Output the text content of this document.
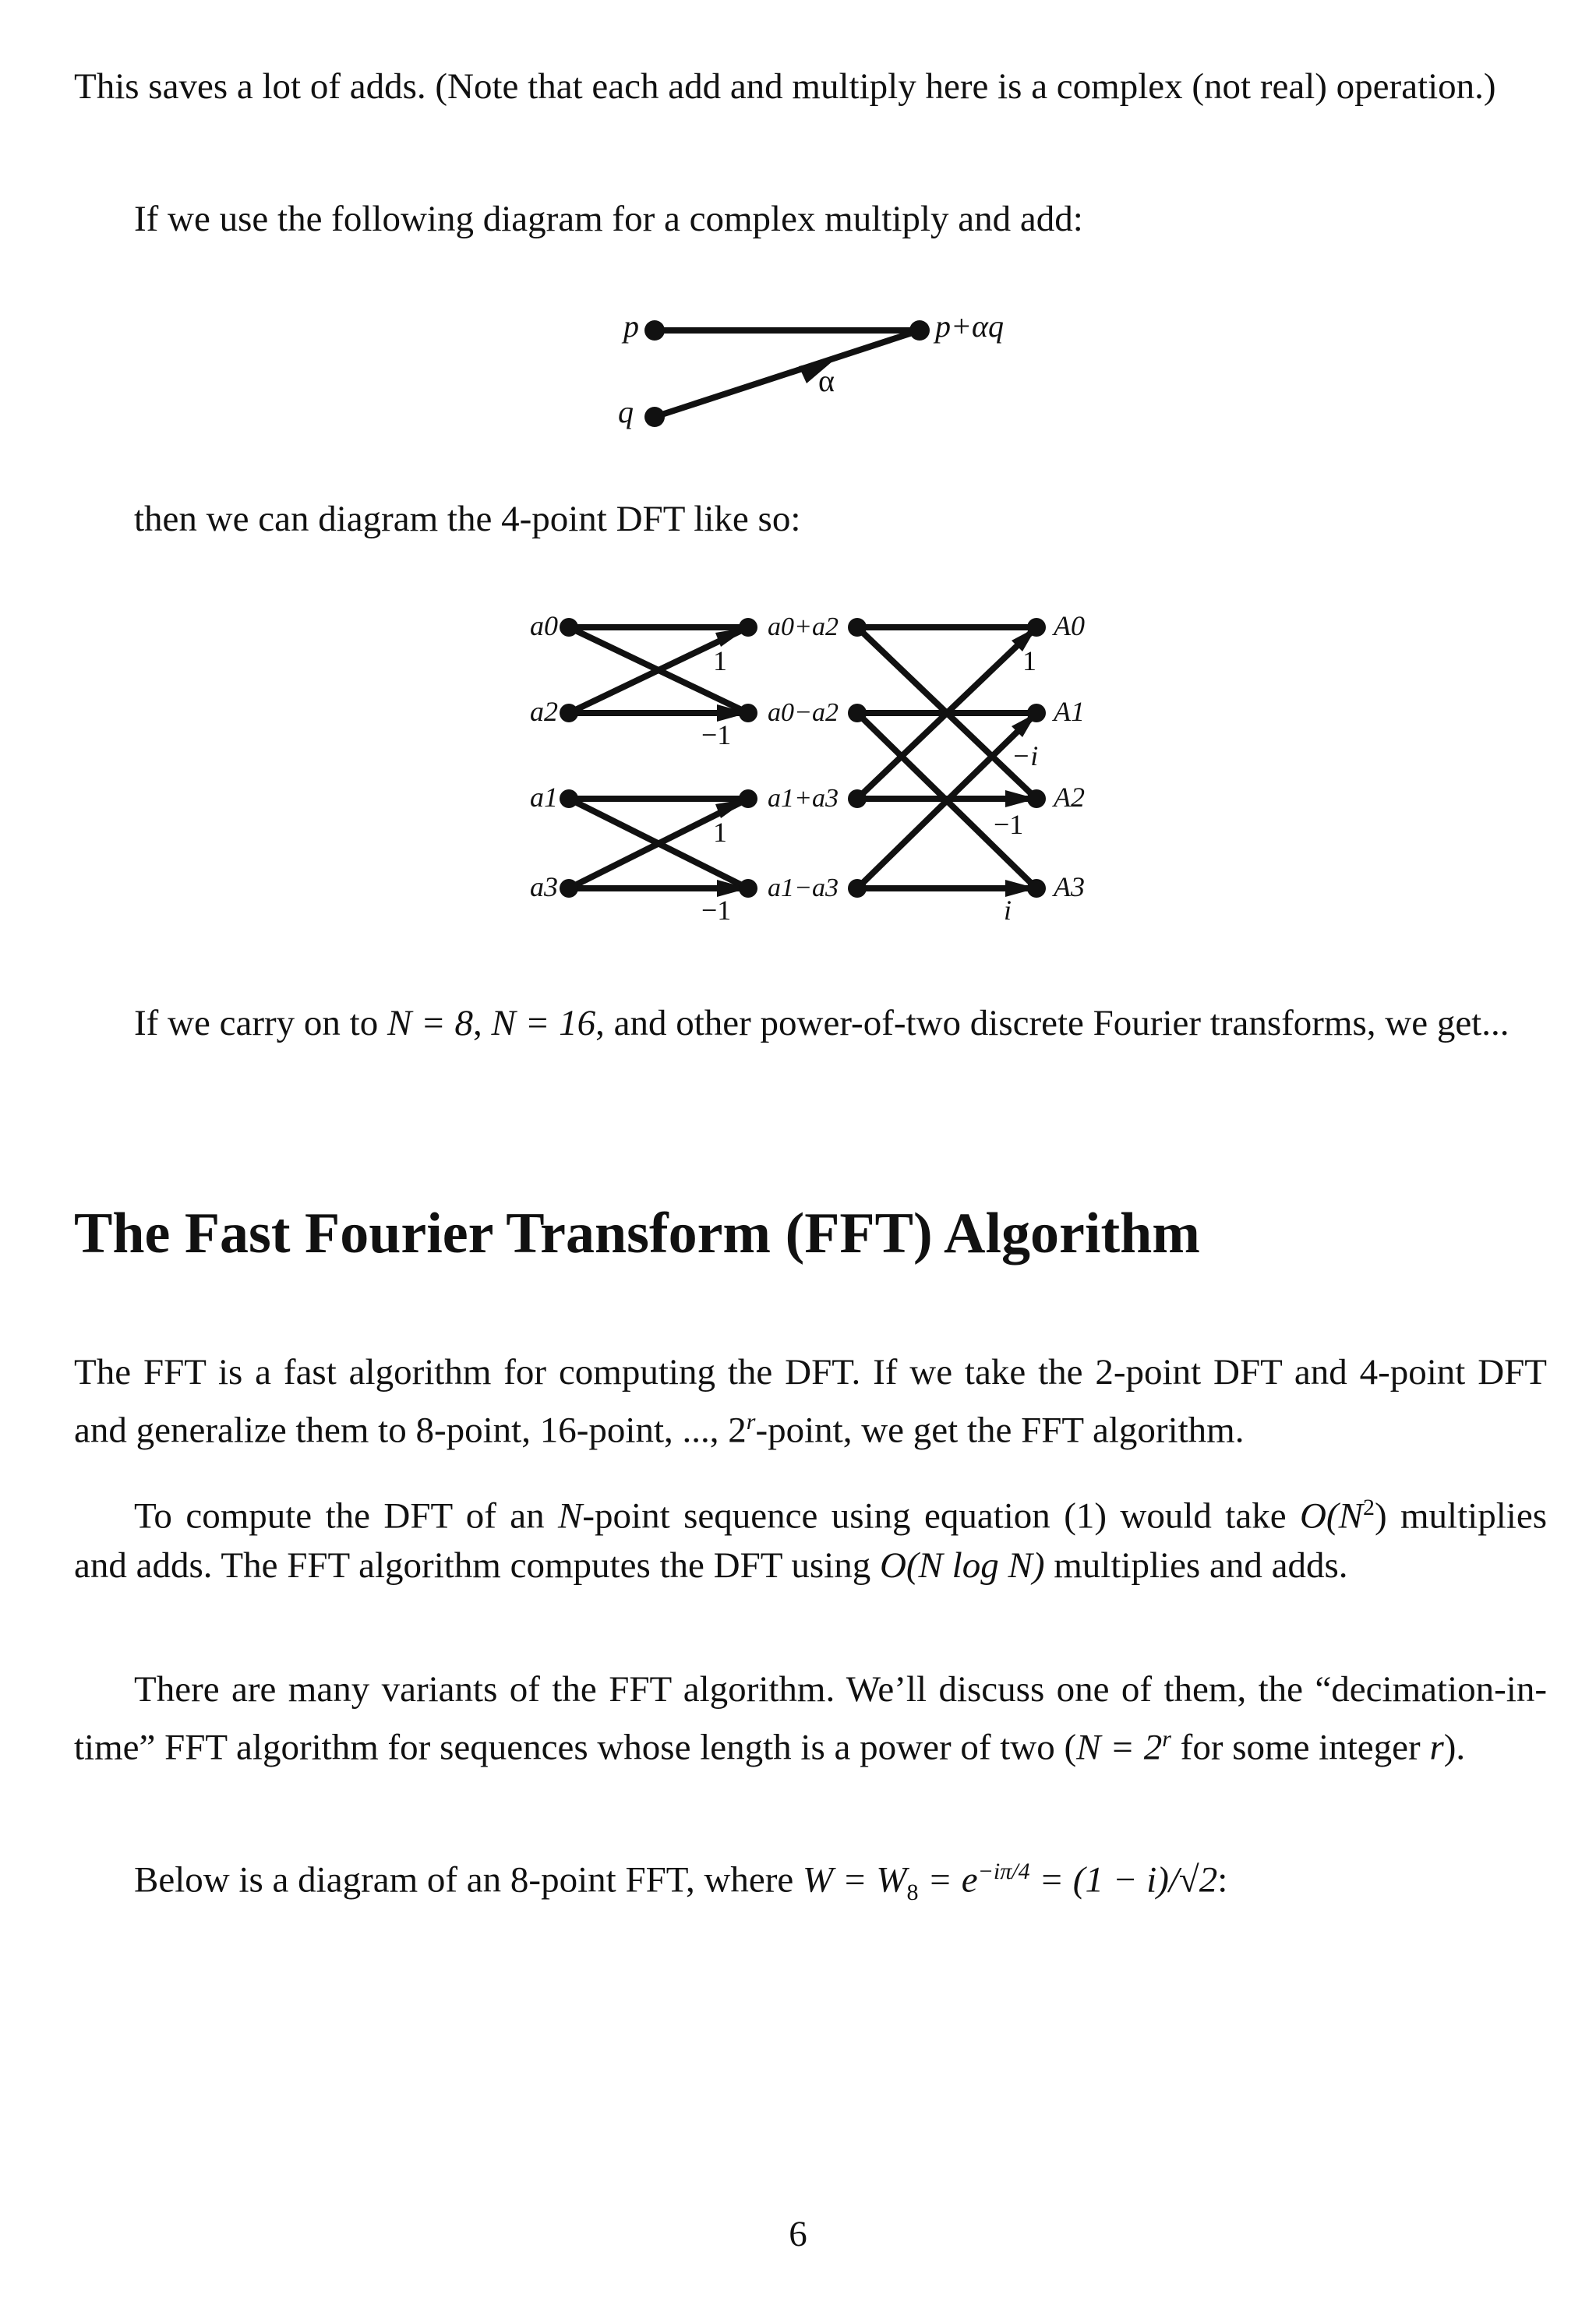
This saves a lot of adds. (Note that each add and multiply here is a complex (not real) operation.)
If we use the following diagram for a complex multiply and add:
p
q
p+αq
α
then we can diagram the 4-point DFT like so:
a0
a2
a1
a3
a0+a2
a0−a2
a1+a3
a1−a3
A0
A1
A2
A3
1
−1
1
−1
1
−i
−1
i
If we carry on to N = 8, N = 16, and other power-of-two discrete Fourier transforms, we get...
The Fast Fourier Transform (FFT) Algorithm
The FFT is a fast algorithm for computing the DFT. If we take the 2-point DFT and 4-point DFT and generalize them to 8-point, 16-point, ..., 2$^r$-point, we get the FFT algorithm.
To compute the DFT of an N-point sequence using equation (1) would take $O(N^2)$ multiplies and adds. The FFT algorithm computes the DFT using O(N log N) multiplies and adds.
There are many variants of the FFT algorithm. We’ll discuss one of them, the “decimation-in-time” FFT algorithm for sequences whose length is a power of two ($N = 2^r$ for some integer r).
Below is a diagram of an 8-point FFT, where $W = W_8 = e^{-i\pi/4} = (1 - i)/√2$:
6
